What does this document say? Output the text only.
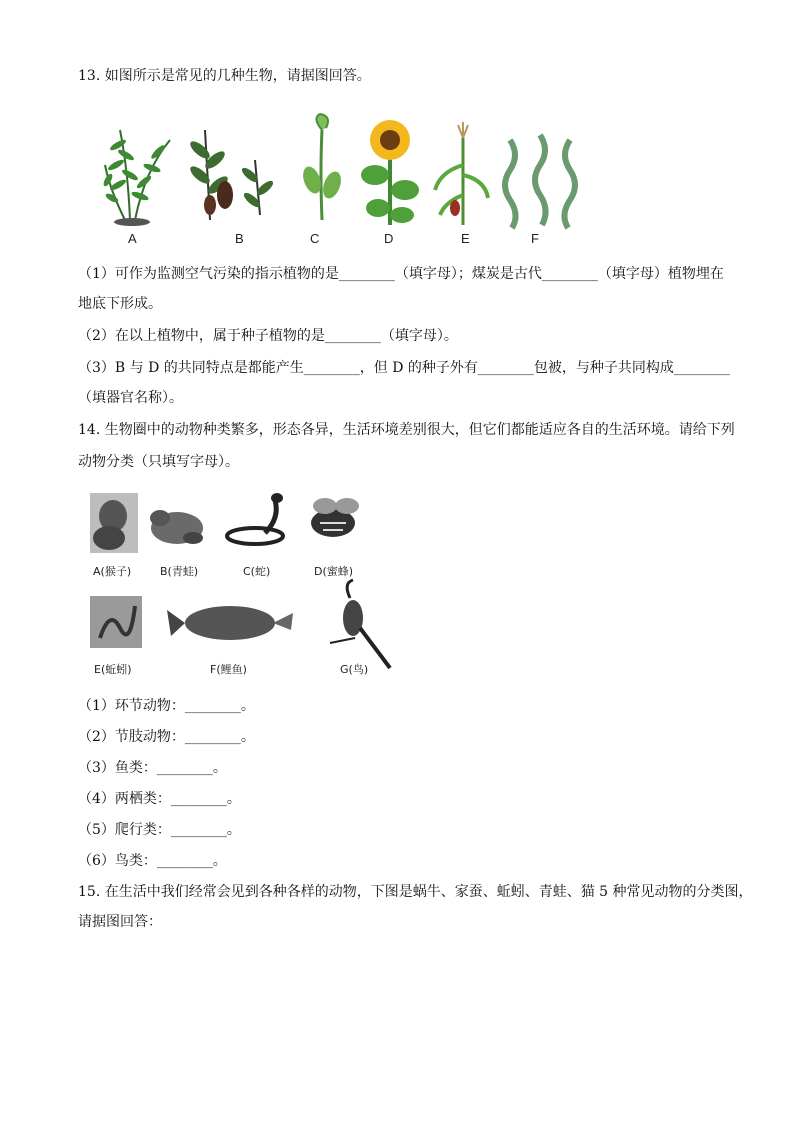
13. 如图所示是常见的几种生物，请据图回答。
A	B	C	D	E	F
（1）可作为监测空气污染的指示植物的是________（填字母）；煤炭是古代________（填字母）植物埋在
地底下形成。
（2）在以上植物中，属于种子植物的是________（填字母）。
（3）B 与 D 的共同特点是都能产生________，但 D 的种子外有________包被，与种子共同构成________
（填器官名称）。
14. 生物圈中的动物种类繁多，形态各异，生活环境差别很大，但它们都能适应各自的生活环境。请给下列
动物分类（只填写字母）。
A(猴子)	B(青蛙)	C(蛇)	D(蜜蜂)
E(蚯蚓)	F(鲤鱼)	G(鸟)
（1）环节动物：________。
（2）节肢动物：________。
（3）鱼类：________。
（4）两栖类：________。
（5）爬行类：________。
（6）鸟类：________。
15. 在生活中我们经常会见到各种各样的动物，下图是蜗牛、家蚕、蚯蚓、青蛙、猫 5 种常见动物的分类图，
请据图回答：
